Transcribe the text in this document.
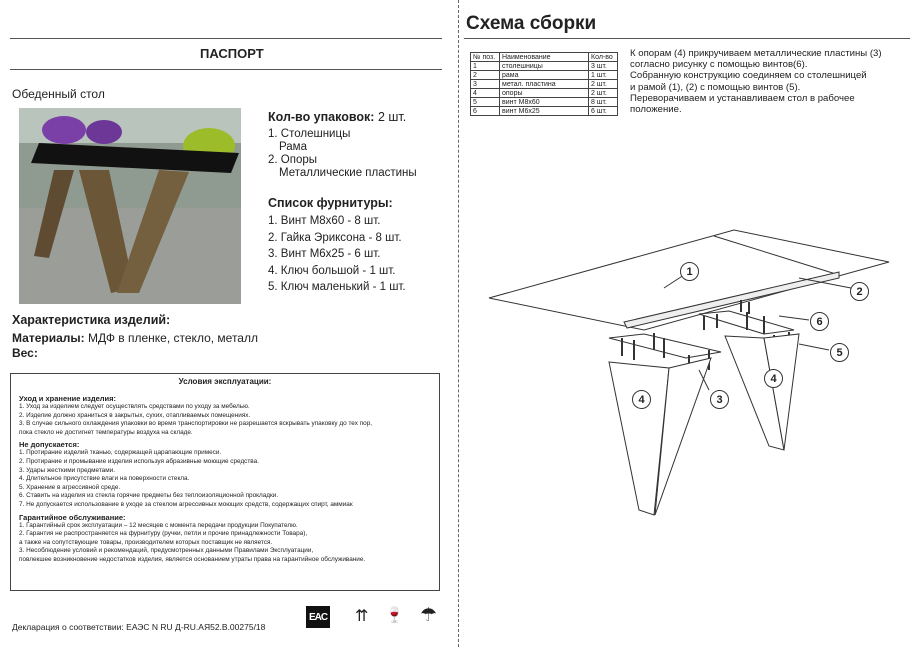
ПАСПОРТ
Обеденный стол
Кол-во упаковок: 2 шт.
1. Столешницы
Рама
2. Опоры
Металлические пластины
Список фурнитуры:
1. Винт М8х60 - 8 шт.
2. Гайка Эриксона - 8 шт.
3. Винт М6х25 - 6 шт.
4. Ключ большой - 1 шт.
5. Ключ маленький - 1 шт.
Характеристика изделий:
Материалы: МДФ в пленке, стекло, металл
Вес:
Условия эксплуатации:
Уход и хранение изделия:
1. Уход за изделием следует осуществлять средствами по уходу за мебелью.
2. Изделие должно храниться в закрытых, сухих, отапливаемых помещениях.
3. В случае сильного охлаждения упаковки во время транспортировки не разрешается вскрывать упаковку до тех пор,
пока стекло не достигнет температуры воздуха на складе.
Не допускается:
1. Протирание изделий тканью, содержащей царапающие примеси.
2. Протирание и промывание изделия используя абразивные моющие средства.
3. Удары жесткими предметами.
4. Длительное присутствие влаги на поверхности стекла.
5. Хранение в агрессивной среде.
6. Ставить на изделия из стекла горячие предметы без теплоизоляционной прокладки.
7. Не допускается использование в уходе за стеклом агрессивных моющих средств, содержащих спирт, аммиак
Гарантийное обслуживание:
1. Гарантийный срок эксплуатации – 12 месяцев с момента передачи продукции Покупателю.
2. Гарантия не распространяется на фурнитуру (ручки, петли и прочие принадлежности Товара),
а также на сопутствующие товары, производителем которых поставщик не является.
3. Несоблюдение условий и рекомендаций, предусмотренных данными Правилами Эксплуатации,
повлекшее возникновение недостатков изделия, является основанием утраты права на гарантийное обслуживание.
Декларация о соответствии: ЕАЭС N RU Д-RU.АЯ52.В.00275/18
EAC ⇈ 🍷 ☂
Схема сборки
№ поз.	Наименование	Кол-во
1	столешницы	3 шт.
2	рама	1 шт.
3	метал. пластина	2 шт.
4	опоры	2 шт.
5	винт М8х60	8 шт.
6	винт М6х25	6 шт.
К опорам (4) прикручиваем металлические пластины (3)
согласно рисунку с помощью винтов(6).
Собранную конструкцию соединяем со столешницей
и рамой (1), (2) с помощью винтов (5).
Переворачиваем и устанавливаем стол в рабочее
положение.
1
2
6
5
4
3
4
